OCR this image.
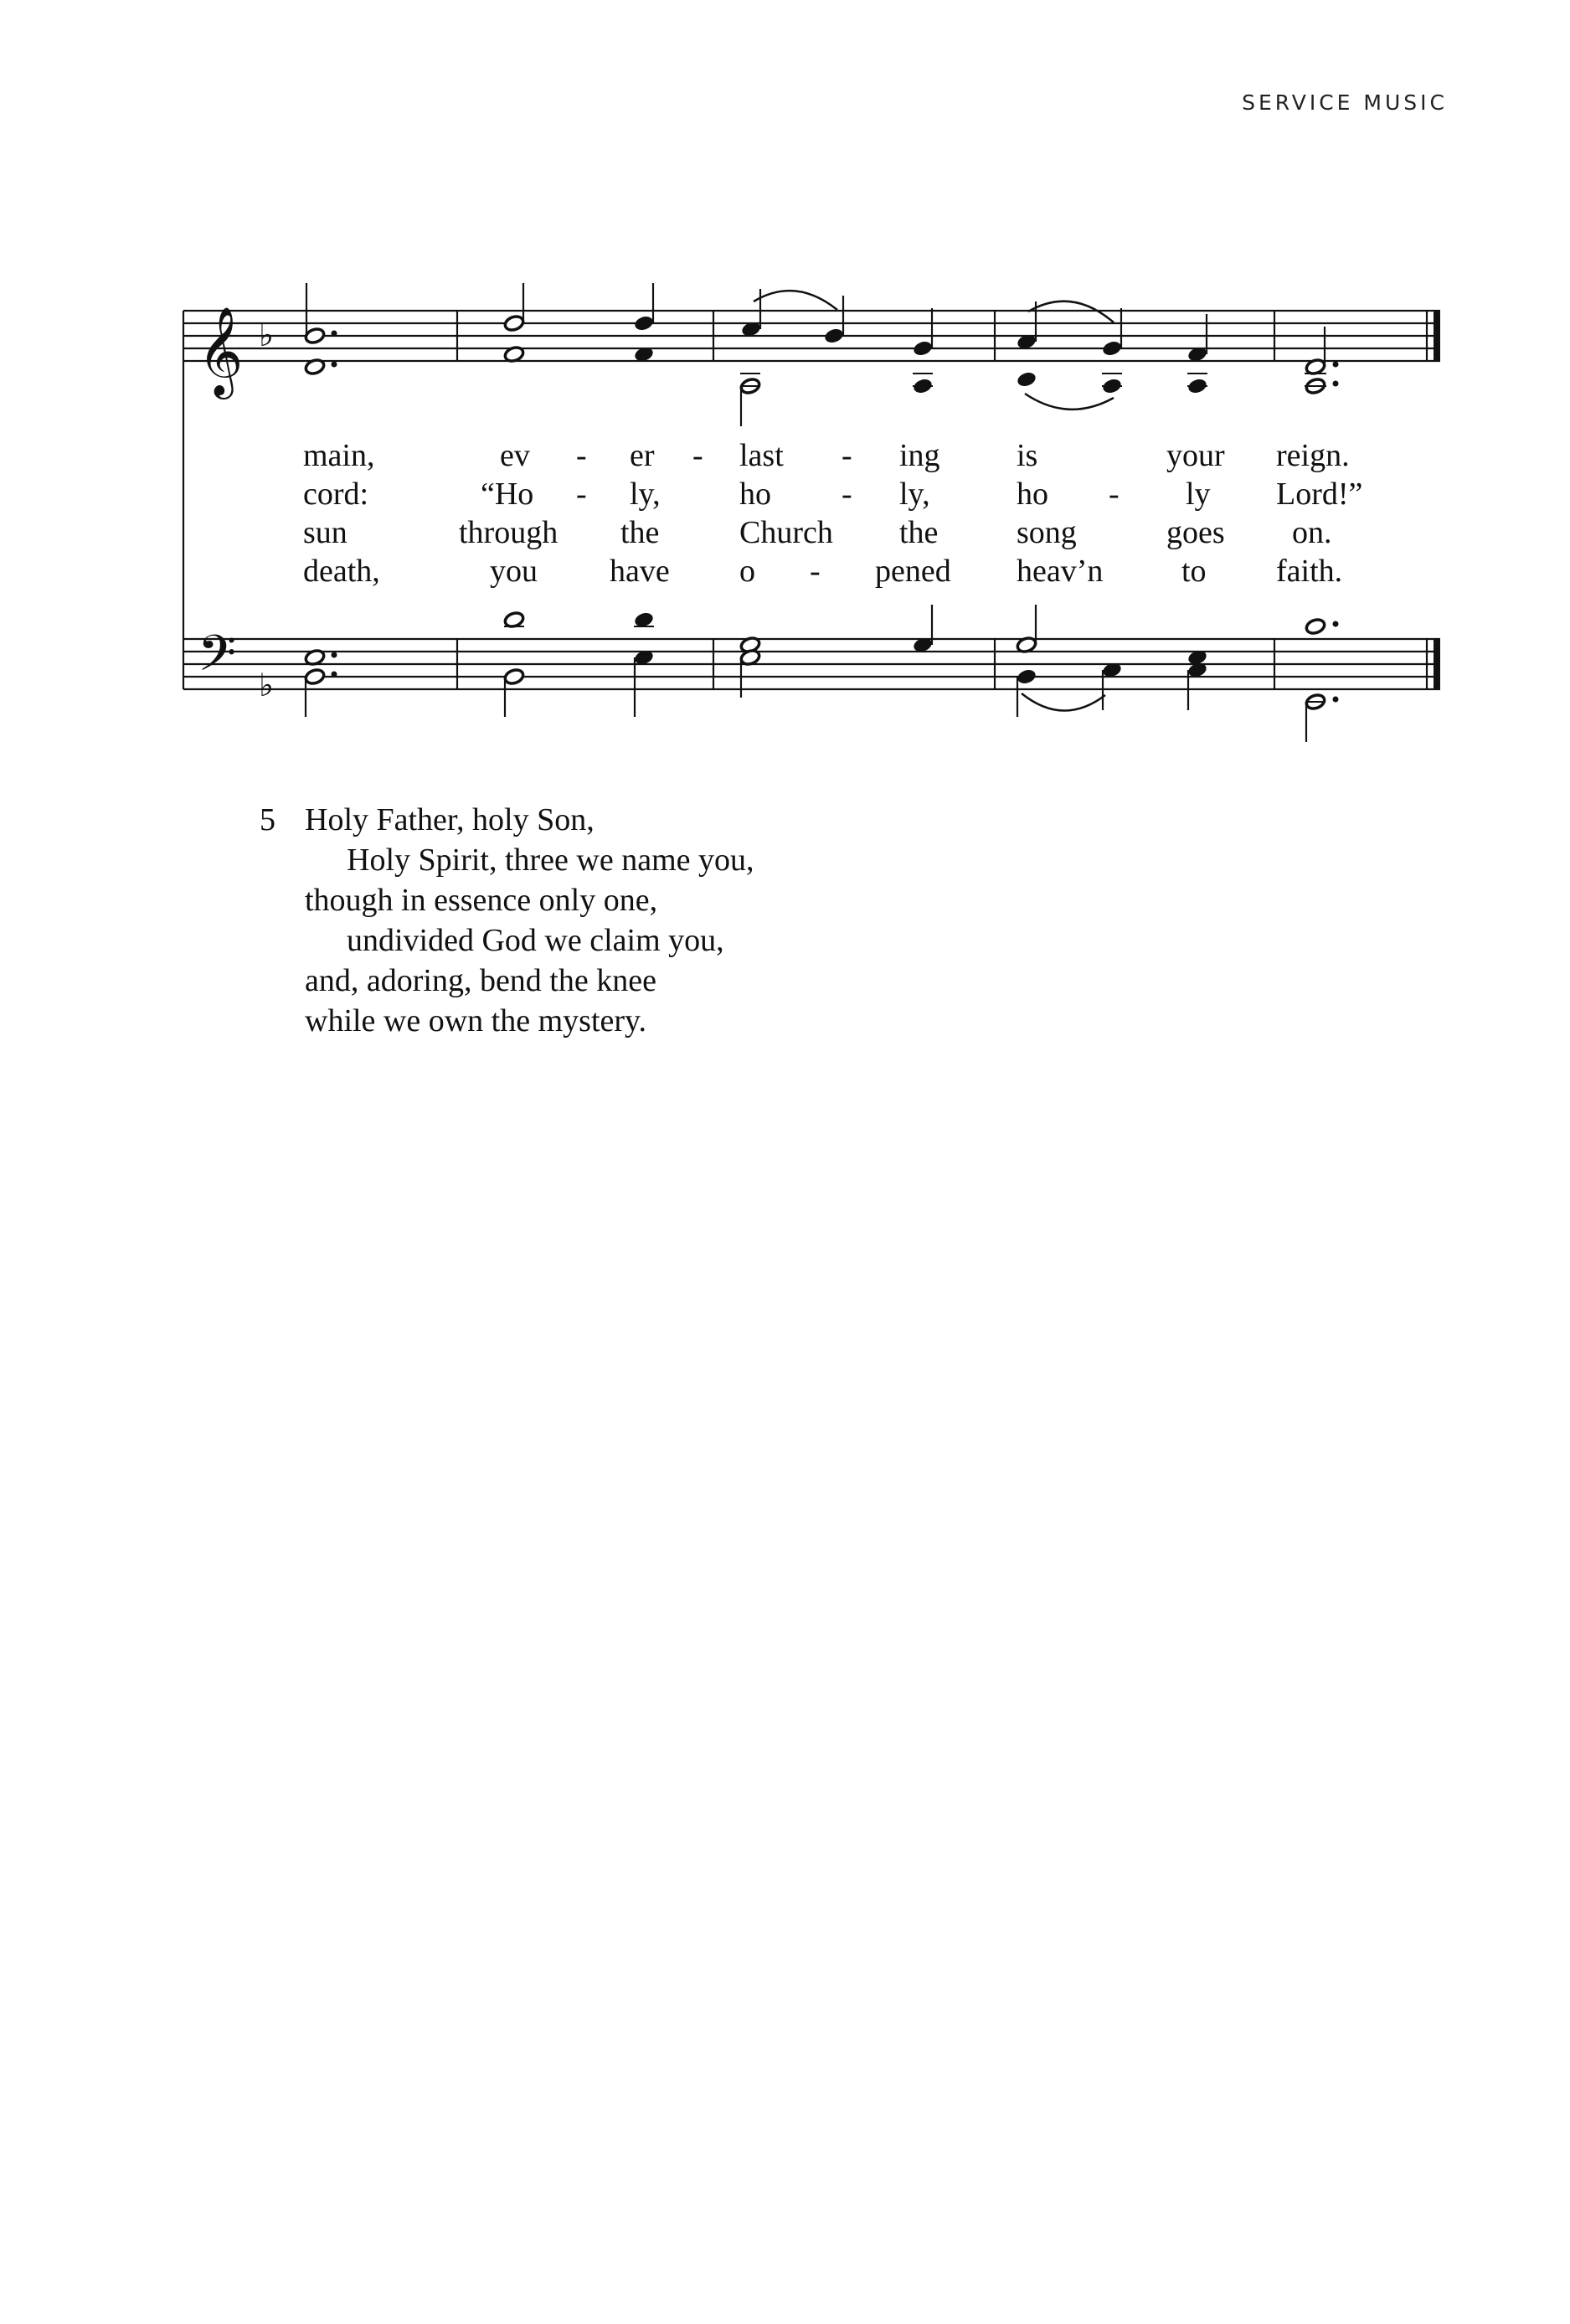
SERVICE MUSIC
𝄞
𝄢
♭
♭
main,	ev - er - last - ing is	your reign.
cord:	“Ho - ly, ho - ly,	ho - ly Lord!”
sun	through the	Church the song	goes on.
death,	you have o - pened heav’n to faith.
5 Holy Father, holy Son,
Holy Spirit, three we name you,
though in essence only one,
undivided God we claim you,
and, adoring, bend the knee
while we own the mystery.
